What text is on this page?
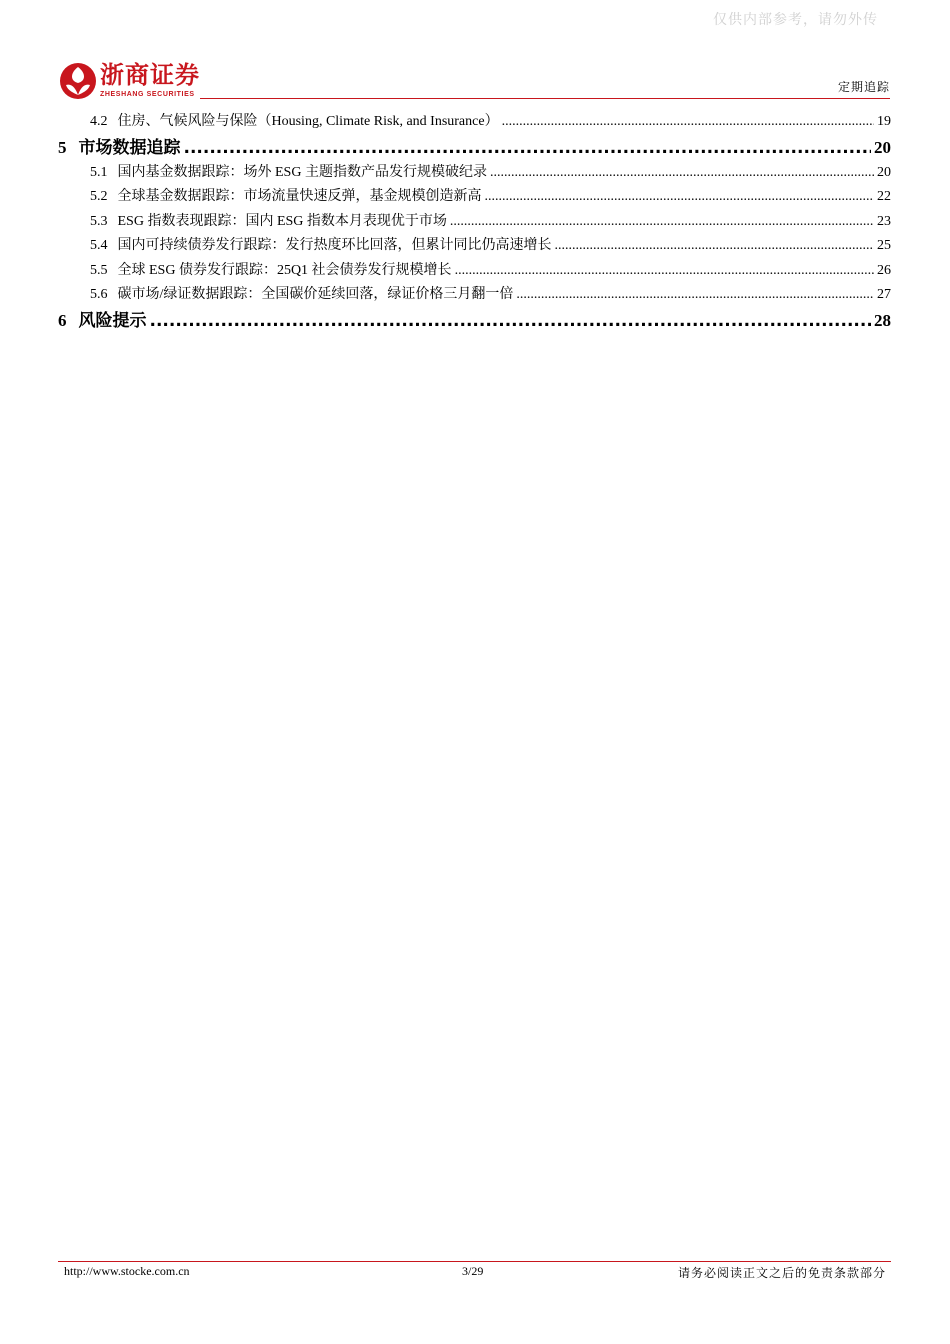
仅供内部参考，请勿外传
浙商证券
ZHESHANG SECURITIES
定期追踪
4.2 住房、气候风险与保险（Housing, Climate Risk, and Insurance） .....	19
5 市场数据追踪 .....	20
5.1 国内基金数据跟踪：场外 ESG 主题指数产品发行规模破纪录 .....	20
5.2 全球基金数据跟踪：市场流量快速反弹，基金规模创造新高 .....	22
5.3 ESG 指数表现跟踪：国内 ESG 指数本月表现优于市场 .....	23
5.4 国内可持续债券发行跟踪：发行热度环比回落，但累计同比仍高速增长 .....	25
5.5 全球 ESG 债券发行跟踪：25Q1 社会债券发行规模增长 .....	26
5.6 碳市场/绿证数据跟踪：全国碳价延续回落，绿证价格三月翻一倍 .....	27
6 风险提示 .....	28
http://www.stocke.com.cn	3/29	请务必阅读正文之后的免责条款部分
